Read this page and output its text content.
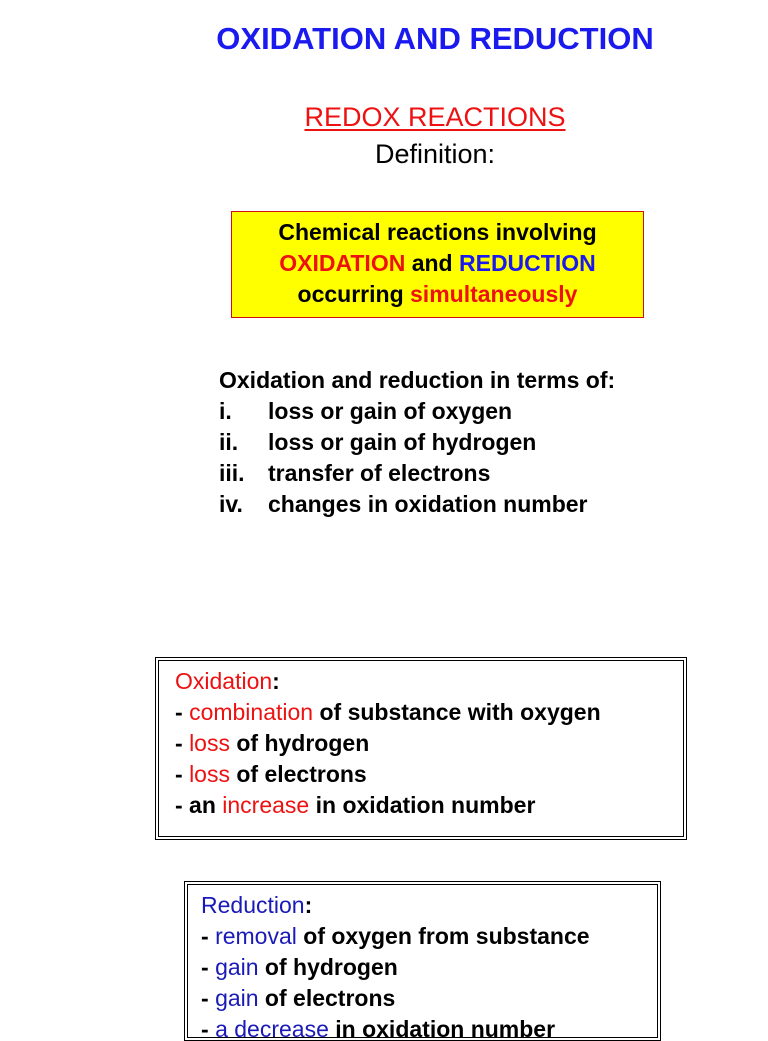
OXIDATION AND REDUCTION
REDOX REACTIONS
Definition:
Chemical reactions involving
OXIDATION and REDUCTION
occurring simultaneously
Oxidation and reduction in terms of:
i.	loss or gain of oxygen
ii.	loss or gain of hydrogen
iii.	transfer of electrons
iv.	changes in oxidation number
Oxidation:
- combination of substance with oxygen
- loss of hydrogen
- loss of electrons
- an increase in oxidation number
Reduction:
- removal of oxygen from substance
- gain of hydrogen
- gain of electrons
- a decrease in oxidation number
